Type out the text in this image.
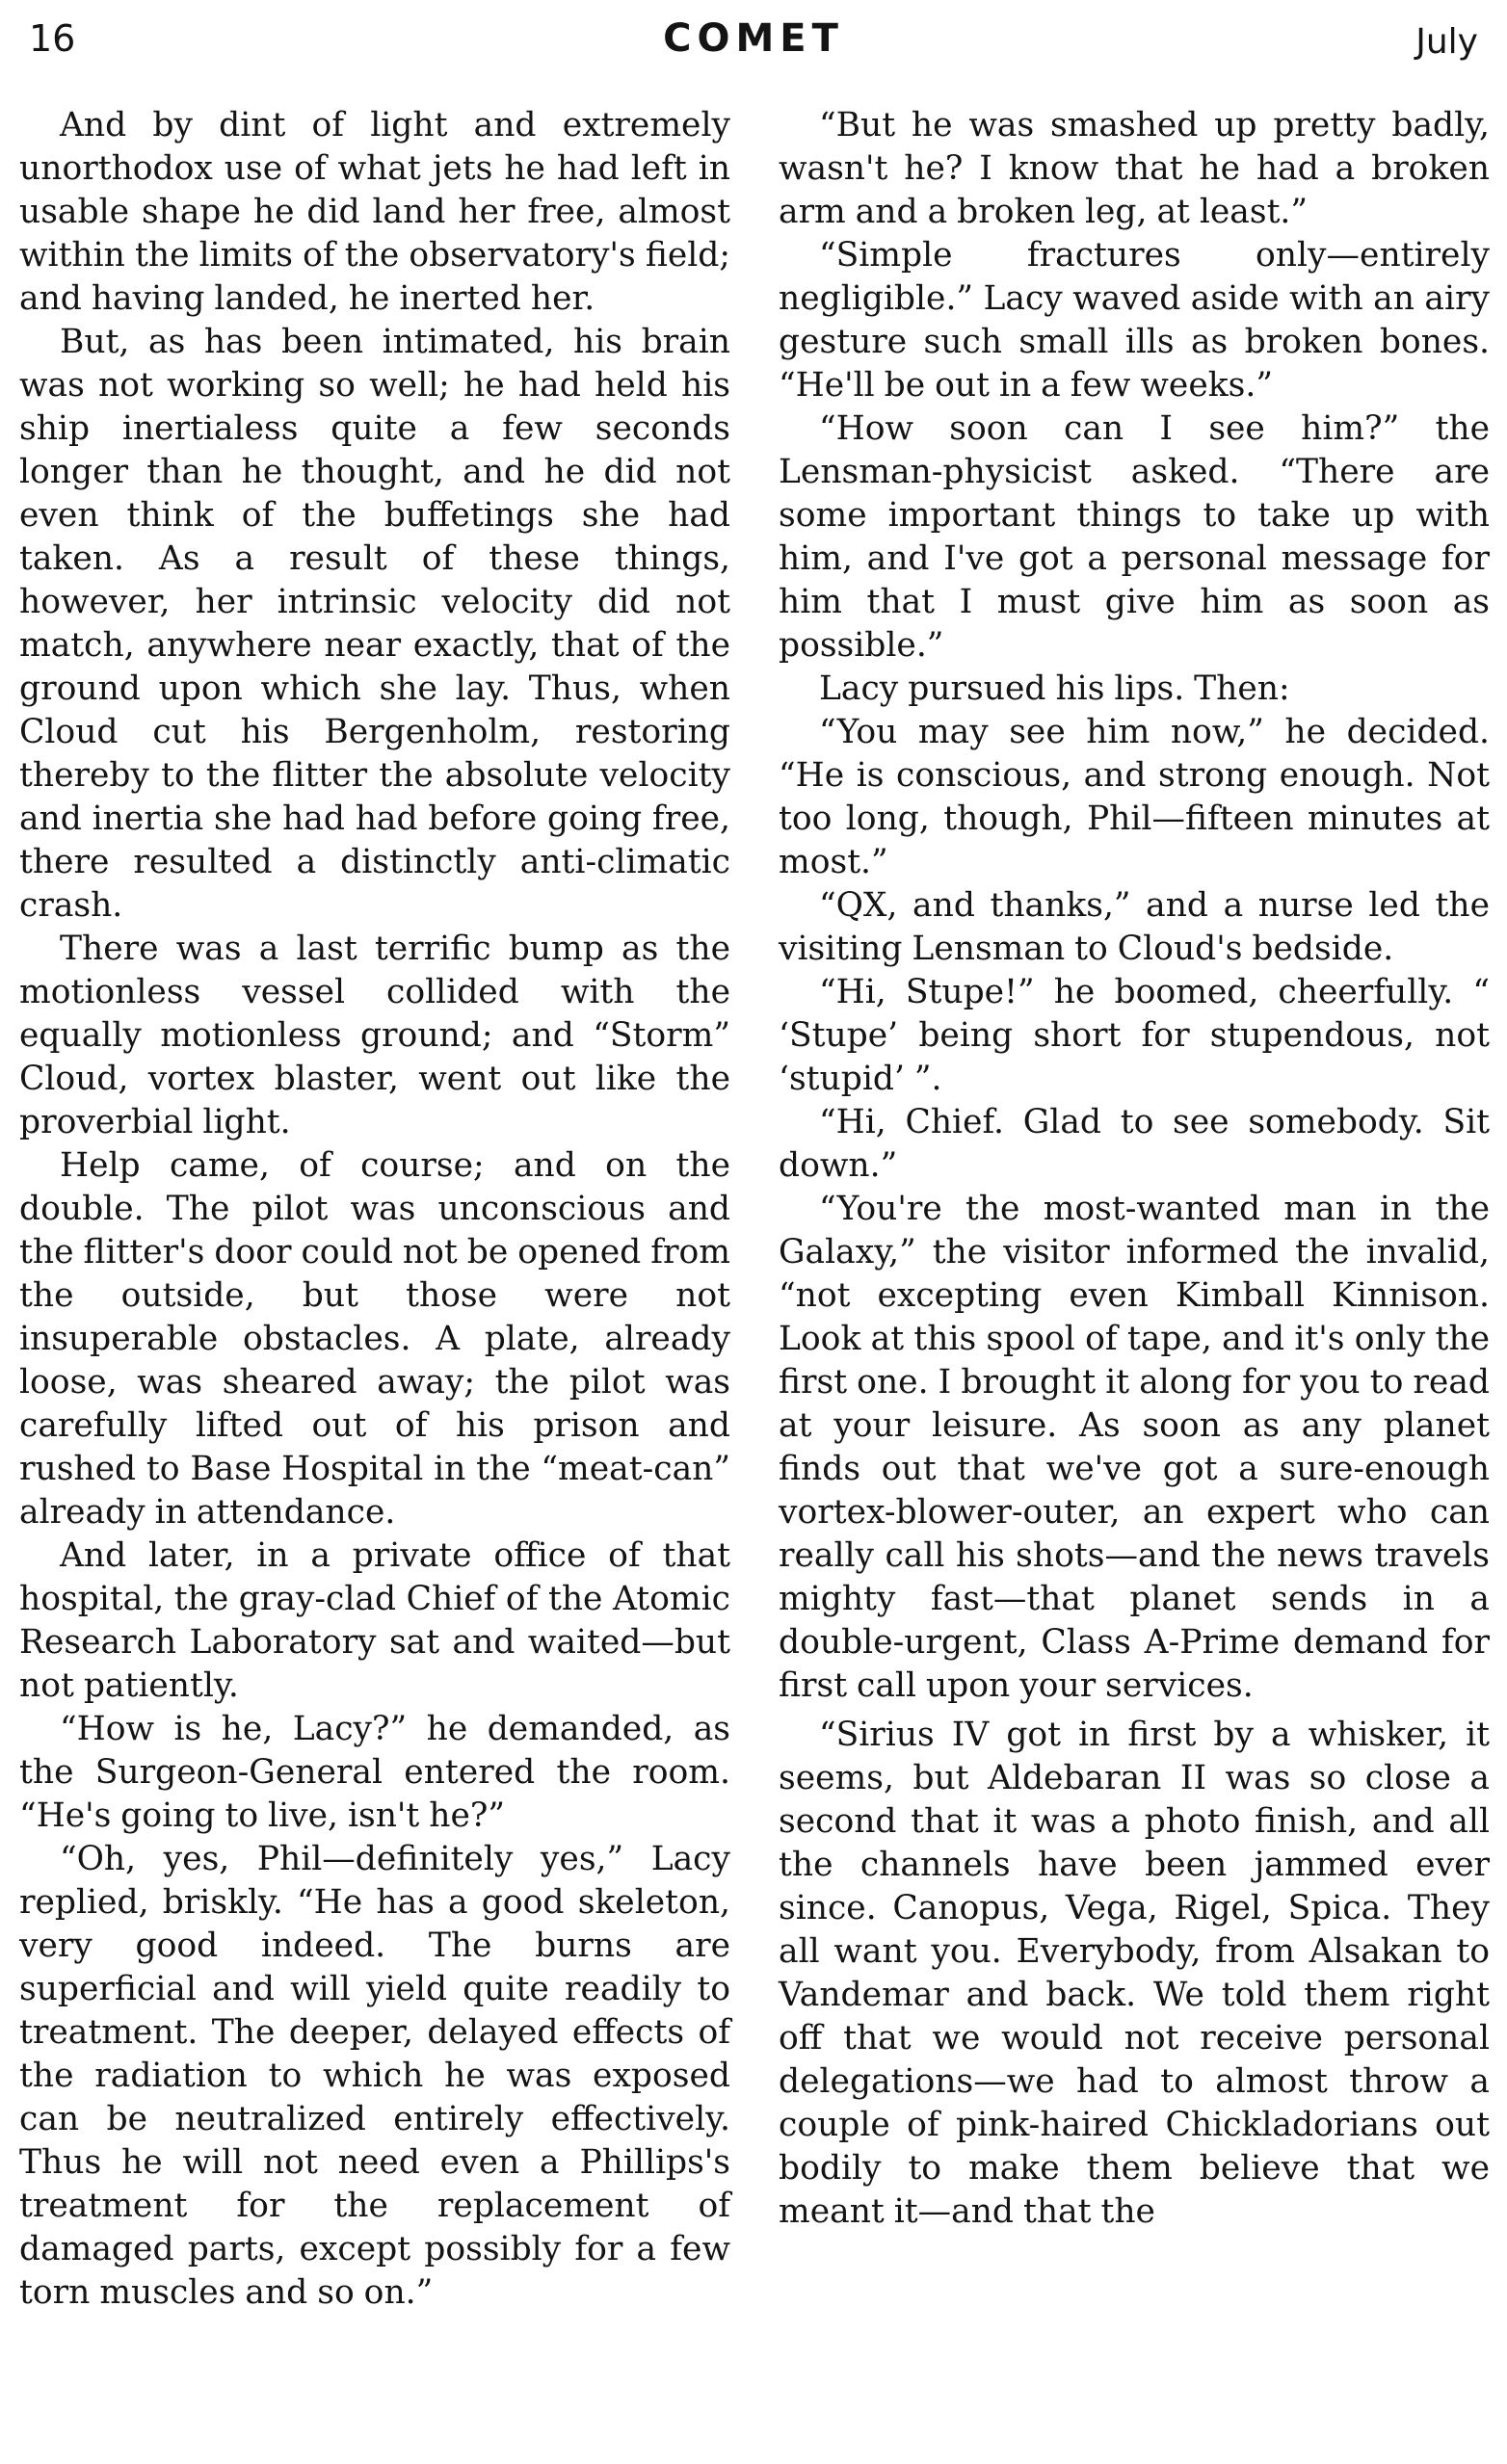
16	COMET	July

And by dint of light and extremely unorthodox use of what jets he had left in usable shape he did land her free, almost within the limits of the observatory's field; and having landed, he inerted her.

But, as has been intimated, his brain was not working so well; he had held his ship inertialess quite a few seconds longer than he thought, and he did not even think of the buffetings she had taken. As a result of these things, however, her intrinsic velocity did not match, anywhere near exactly, that of the ground upon which she lay. Thus, when Cloud cut his Bergenholm, restoring thereby to the flitter the absolute velocity and inertia she had had before going free, there resulted a distinctly anti-climatic crash.

There was a last terrific bump as the motionless vessel collided with the equally motionless ground; and “Storm” Cloud, vortex blaster, went out like the proverbial light.

Help came, of course; and on the double. The pilot was unconscious and the flitter's door could not be opened from the outside, but those were not insuperable obstacles. A plate, already loose, was sheared away; the pilot was carefully lifted out of his prison and rushed to Base Hospital in the “meat-can” already in attendance.

And later, in a private office of that hospital, the gray-clad Chief of the Atomic Research Laboratory sat and waited—but not patiently.

“How is he, Lacy?” he demanded, as the Surgeon-General entered the room. “He's going to live, isn't he?”

“Oh, yes, Phil—definitely yes,” Lacy replied, briskly. “He has a good skeleton, very good indeed. The burns are superficial and will yield quite readily to treatment. The deeper, delayed effects of the radiation to which he was exposed can be neutralized entirely effectively. Thus he will not need even a Phillips's treatment for the replacement of damaged parts, except possibly for a few torn muscles and so on.”

“But he was smashed up pretty badly, wasn't he? I know that he had a broken arm and a broken leg, at least.”

“Simple fractures only—entirely negligible.” Lacy waved aside with an airy gesture such small ills as broken bones. “He'll be out in a few weeks.”

“How soon can I see him?” the Lensman-physicist asked. “There are some important things to take up with him, and I've got a personal message for him that I must give him as soon as possible.”

Lacy pursued his lips. Then:

“You may see him now,” he decided. “He is conscious, and strong enough. Not too long, though, Phil—fifteen minutes at most.”

“QX, and thanks,” and a nurse led the visiting Lensman to Cloud's bedside.

“Hi, Stupe!” he boomed, cheerfully. “ ‘Stupe’ being short for stupendous, not ‘stupid’ ”.

“Hi, Chief. Glad to see somebody. Sit down.”

“You're the most-wanted man in the Galaxy,” the visitor informed the invalid, “not excepting even Kimball Kinnison. Look at this spool of tape, and it's only the first one. I brought it along for you to read at your leisure. As soon as any planet finds out that we've got a sure-enough vortex-blower-outer, an expert who can really call his shots—and the news travels mighty fast—that planet sends in a double-urgent, Class A-Prime demand for first call upon your services.

“Sirius IV got in first by a whisker, it seems, but Aldebaran II was so close a second that it was a photo finish, and all the channels have been jammed ever since. Canopus, Vega, Rigel, Spica. They all want you. Everybody, from Alsakan to Vandemar and back. We told them right off that we would not receive personal delegations—we had to almost throw a couple of pink-haired Chickladorians out bodily to make them believe that we meant it—and that the
